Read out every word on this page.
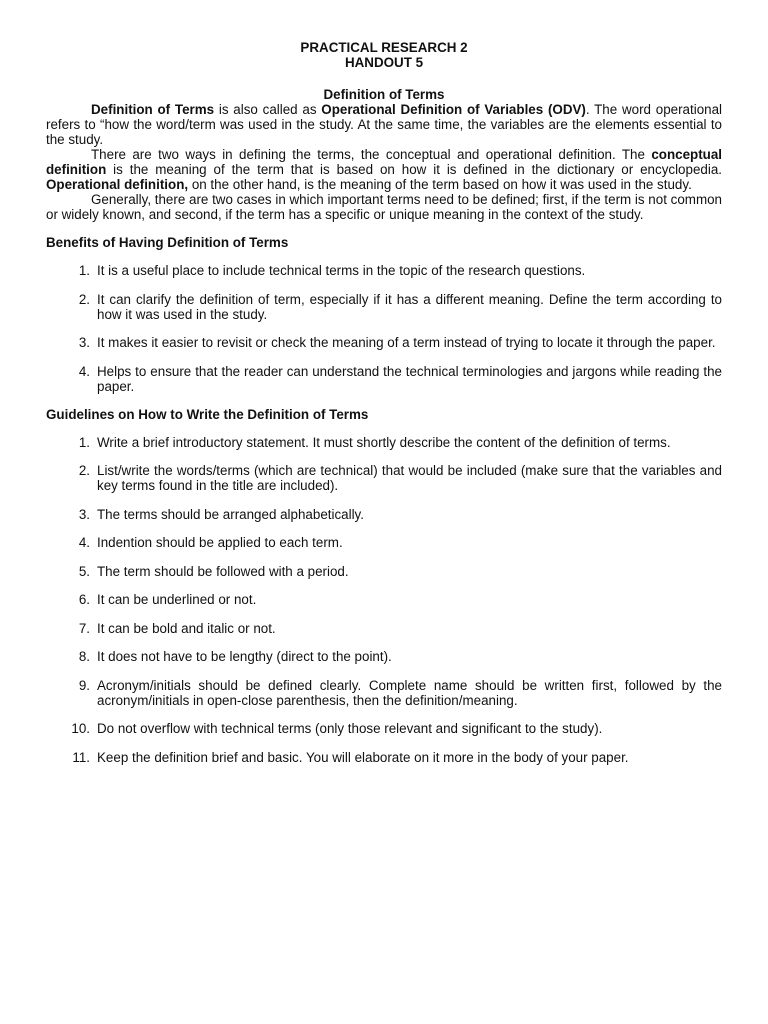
PRACTICAL RESEARCH 2
HANDOUT 5
Definition of Terms

Definition of Terms is also called as Operational Definition of Variables (ODV). The word operational refers to “how the word/term was used in the study. At the same time, the variables are the elements essential to the study.

There are two ways in defining the terms, the conceptual and operational definition. The conceptual definition is the meaning of the term that is based on how it is defined in the dictionary or encyclopedia. Operational definition, on the other hand, is the meaning of the term based on how it was used in the study.

Generally, there are two cases in which important terms need to be defined; first, if the term is not common or widely known, and second, if the term has a specific or unique meaning in the context of the study.

Benefits of Having Definition of Terms
1. It is a useful place to include technical terms in the topic of the research questions.
2. It can clarify the definition of term, especially if it has a different meaning. Define the term according to how it was used in the study.
3. It makes it easier to revisit or check the meaning of a term instead of trying to locate it through the paper.
4. Helps to ensure that the reader can understand the technical terminologies and jargons while reading the paper.
Guidelines on How to Write the Definition of Terms
1. Write a brief introductory statement. It must shortly describe the content of the definition of terms.
2. List/write the words/terms (which are technical) that would be included (make sure that the variables and key terms found in the title are included).
3. The terms should be arranged alphabetically.
4. Indention should be applied to each term.
5. The term should be followed with a period.
6. It can be underlined or not.
7. It can be bold and italic or not.
8. It does not have to be lengthy (direct to the point).
9. Acronym/initials should be defined clearly. Complete name should be written first, followed by the acronym/initials in open-close parenthesis, then the definition/meaning.
10. Do not overflow with technical terms (only those relevant and significant to the study).
11. Keep the definition brief and basic. You will elaborate on it more in the body of your paper.
